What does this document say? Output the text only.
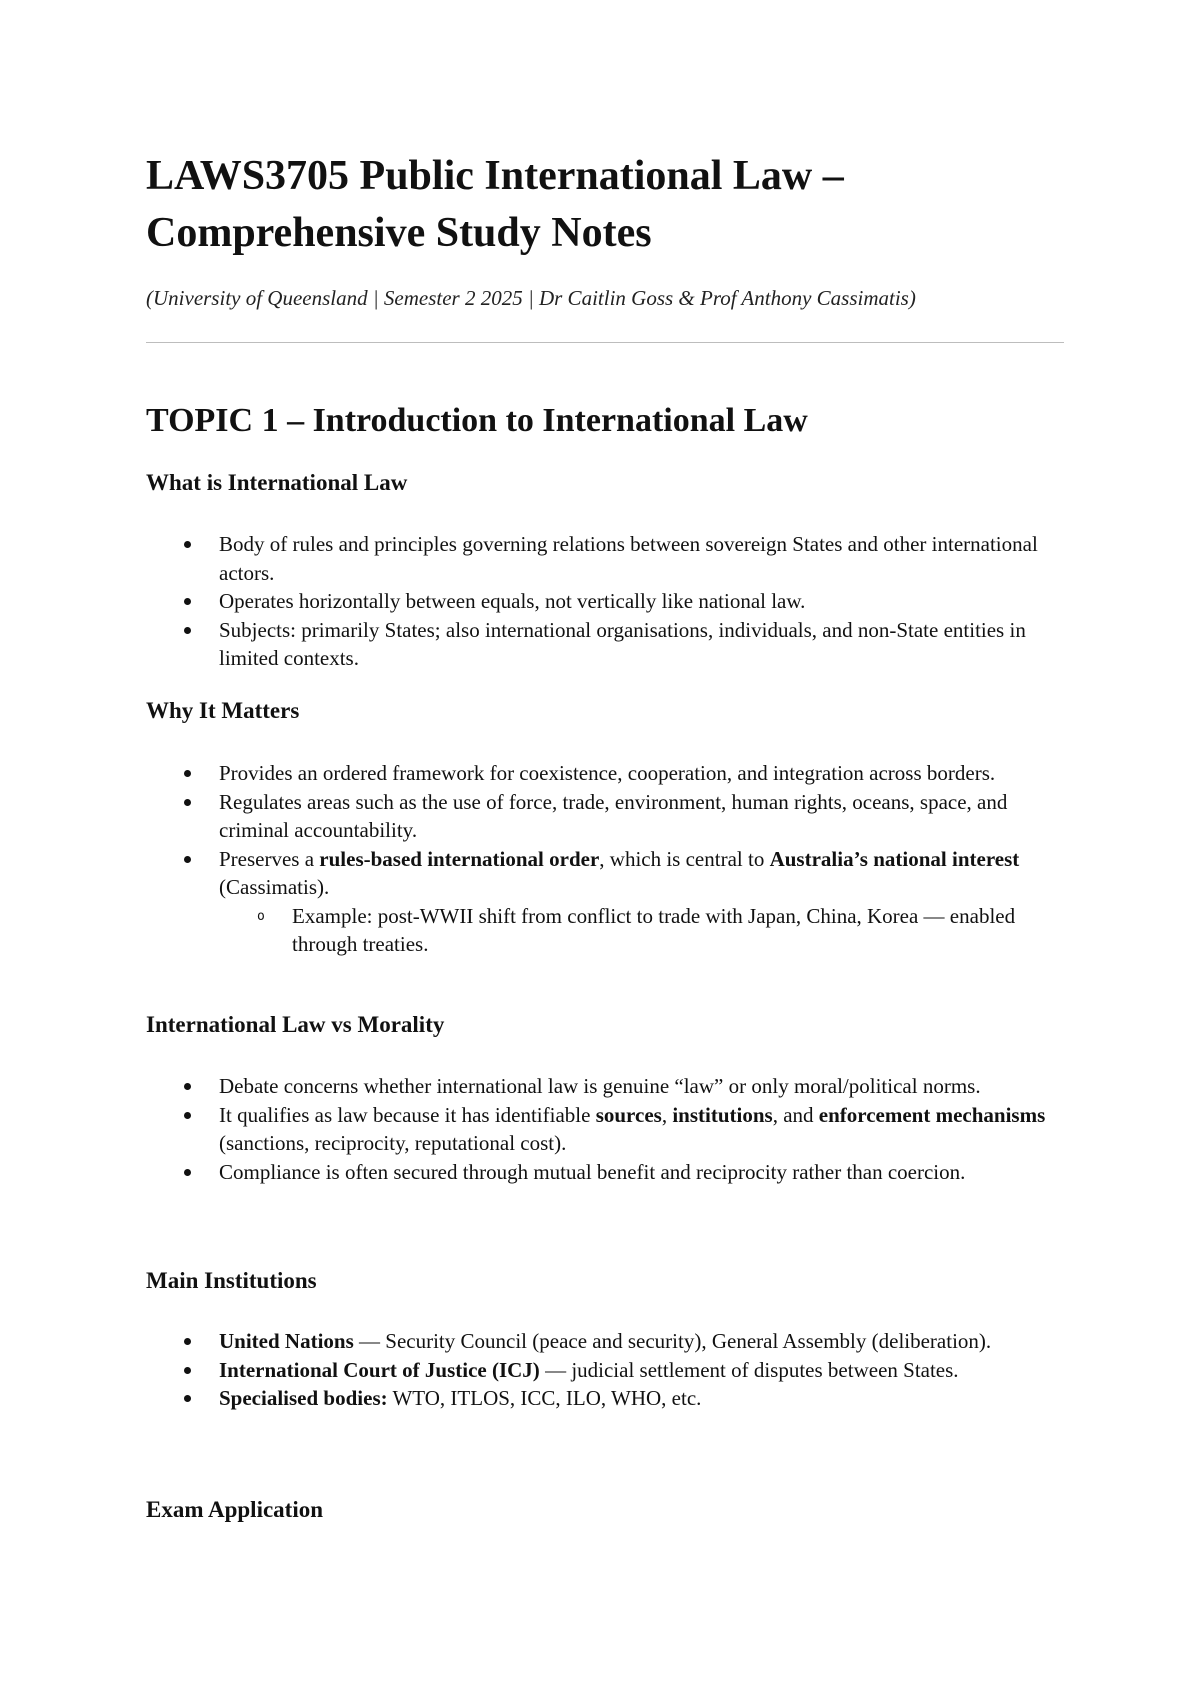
LAWS3705 Public International Law – Comprehensive Study Notes

(University of Queensland | Semester 2 2025 | Dr Caitlin Goss & Prof Anthony Cassimatis)

TOPIC 1 – Introduction to International Law
What is International Law
Body of rules and principles governing relations between sovereign States and other international actors.
Operates horizontally between equals, not vertically like national law.
Subjects: primarily States; also international organisations, individuals, and non-State entities in limited contexts.
Why It Matters
Provides an ordered framework for coexistence, cooperation, and integration across borders.
Regulates areas such as the use of force, trade, environment, human rights, oceans, space, and criminal accountability.
Preserves a rules-based international order, which is central to Australia’s national interest (Cassimatis).
o Example: post-WWII shift from conflict to trade with Japan, China, Korea — enabled through treaties.
International Law vs Morality
Debate concerns whether international law is genuine “law” or only moral/political norms.
It qualifies as law because it has identifiable sources, institutions, and enforcement mechanisms (sanctions, reciprocity, reputational cost).
Compliance is often secured through mutual benefit and reciprocity rather than coercion.
Main Institutions
United Nations — Security Council (peace and security), General Assembly (deliberation).
International Court of Justice (ICJ) — judicial settlement of disputes between States.
Specialised bodies: WTO, ITLOS, ICC, ILO, WHO, etc.
Exam Application
